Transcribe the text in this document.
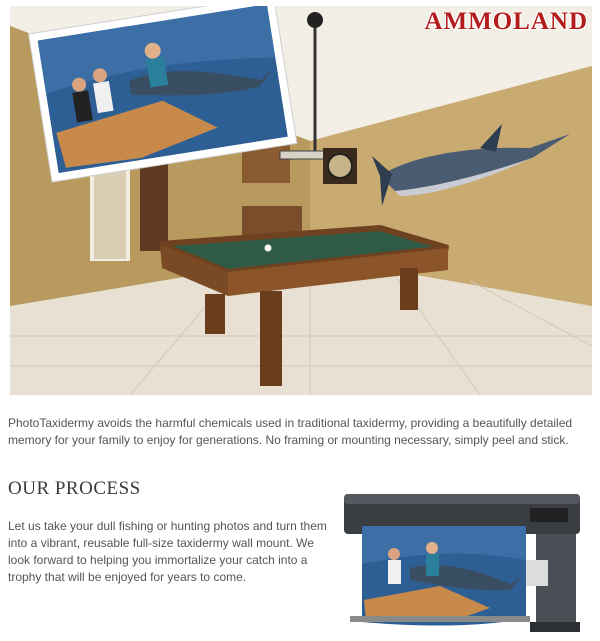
AMMOLAND

PhotoTaxidermy avoids the harmful chemicals used in traditional taxidermy, providing a beautifully detailed memory for your family to enjoy for generations. No framing or mounting necessary, simply peel and stick.

OUR PROCESS

Let us take your dull fishing or hunting photos and turn them into a vibrant, reusable full-size taxidermy wall mount. We look forward to helping you immortalize your catch into a trophy that will be enjoyed for years to come.
